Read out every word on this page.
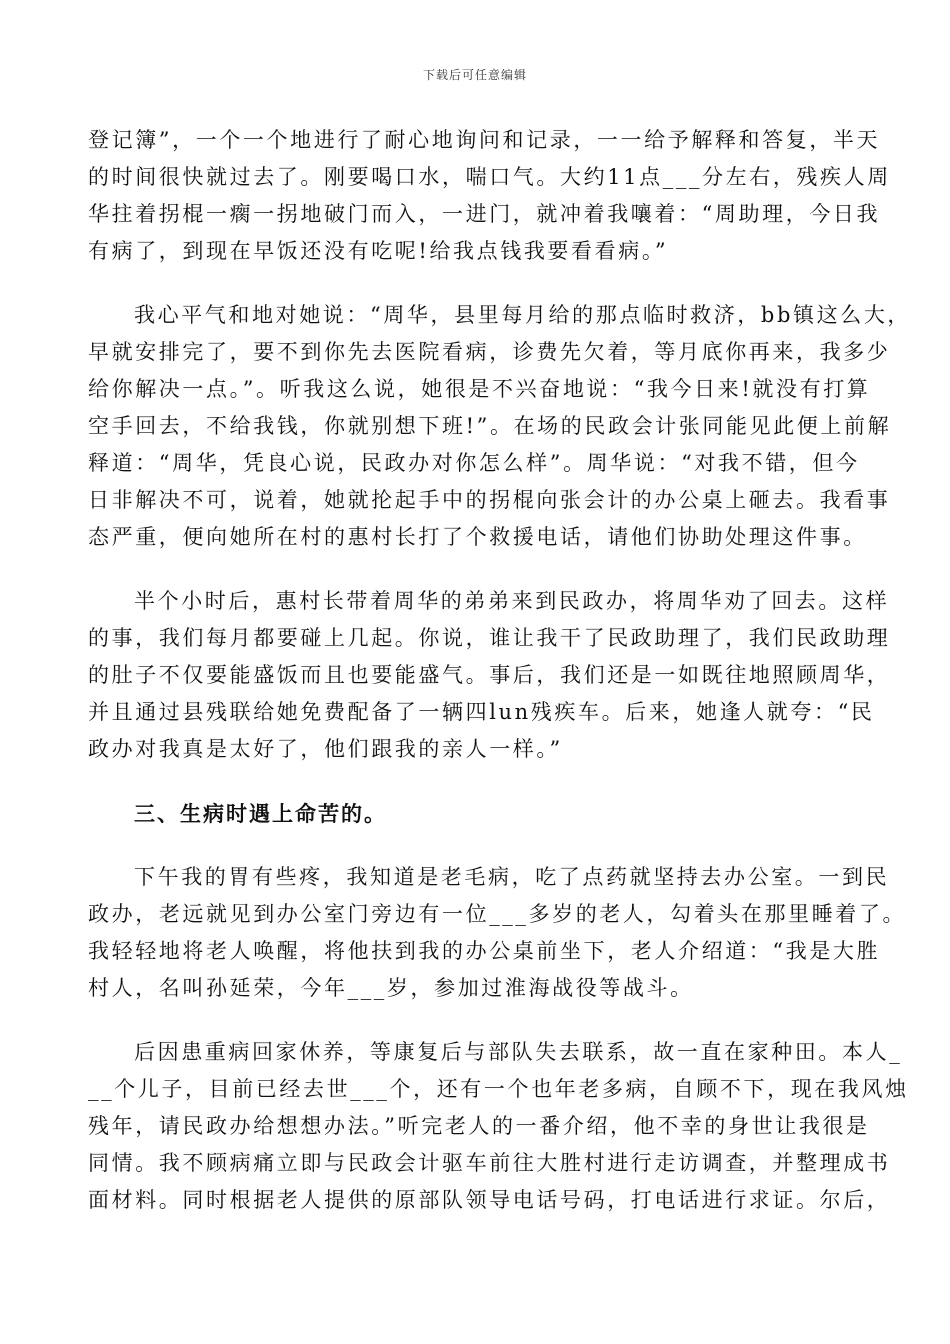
下载后可任意编辑
登记簿”，一个一个地进行了耐心地询问和记录，一一给予解释和答复，半天
的时间很快就过去了。刚要喝口水，喘口气。大约11点___分左右，残疾人周
华拄着拐棍一瘸一拐地破门而入，一进门，就冲着我嚷着：“周助理，今日我
有病了，到现在早饭还没有吃呢!给我点钱我要看看病。”
我心平气和地对她说：“周华，县里每月给的那点临时救济，bb镇这么大，
早就安排完了，要不到你先去医院看病，诊费先欠着，等月底你再来，我多少
给你解决一点。”。听我这么说，她很是不兴奋地说：“我今日来!就没有打算
空手回去，不给我钱，你就别想下班!”。在场的民政会计张同能见此便上前解
释道：“周华，凭良心说，民政办对你怎么样”。周华说：“对我不错，但今
日非解决不可，说着，她就抡起手中的拐棍向张会计的办公桌上砸去。我看事
态严重，便向她所在村的惠村长打了个救援电话，请他们协助处理这件事。
半个小时后，惠村长带着周华的弟弟来到民政办，将周华劝了回去。这样
的事，我们每月都要碰上几起。你说，谁让我干了民政助理了，我们民政助理
的肚子不仅要能盛饭而且也要能盛气。事后，我们还是一如既往地照顾周华，
并且通过县残联给她免费配备了一辆四lun残疾车。后来，她逢人就夸：“民
政办对我真是太好了，他们跟我的亲人一样。”
三、生病时遇上命苦的。
下午我的胃有些疼，我知道是老毛病，吃了点药就坚持去办公室。一到民
政办，老远就见到办公室门旁边有一位___多岁的老人，勾着头在那里睡着了。
我轻轻地将老人唤醒，将他扶到我的办公桌前坐下，老人介绍道：“我是大胜
村人，名叫孙延荣，今年___岁，参加过淮海战役等战斗。
后因患重病回家休养，等康复后与部队失去联系，故一直在家种田。本人_
__个儿子，目前已经去世___个，还有一个也年老多病，自顾不下，现在我风烛
残年，请民政办给想想办法。”听完老人的一番介绍，他不幸的身世让我很是
同情。我不顾病痛立即与民政会计驱车前往大胜村进行走访调查，并整理成书
面材料。同时根据老人提供的原部队领导电话号码，打电话进行求证。尔后，
